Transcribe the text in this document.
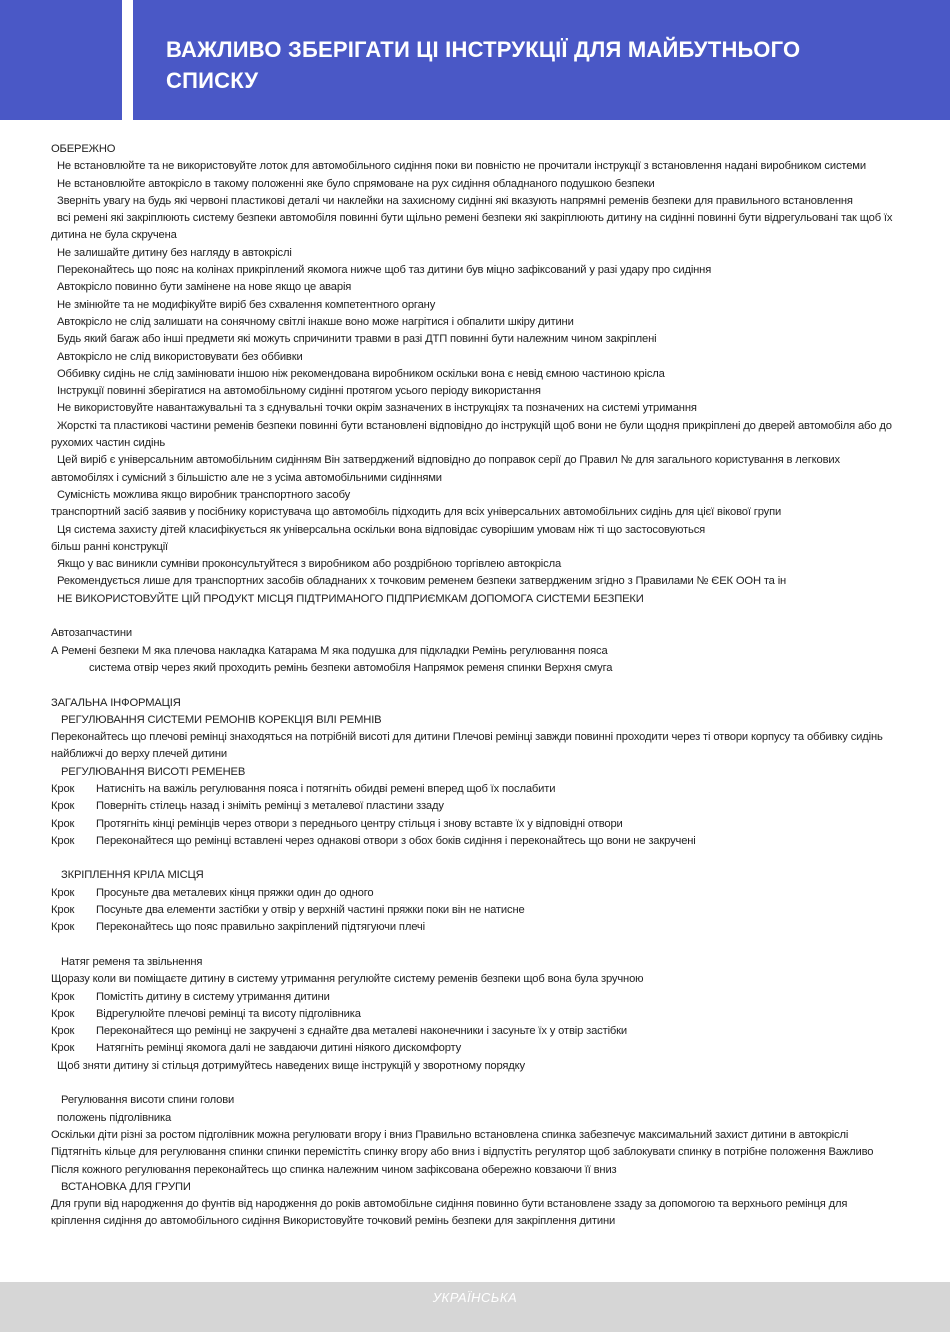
ВАЖЛИВО ЗБЕРІГАТИ ЦІ ІНСТРУКЦІЇ ДЛЯ МАЙБУТНЬОГО СПИСКУ
ОБЕРЕЖНО
Не встановлюйте та не використовуйте лоток для автомобільного сидіння поки ви повністю не прочитали інструкції з встановлення надані виробником системи
Не встановлюйте автокрісло в такому положенні яке було спрямоване на рух сидіння обладнаного подушкою безпеки
Зверніть увагу на будь які червоні пластикові деталі чи наклейки на захисному сидінні які вказують напрямні ременів безпеки для правильного встановлення
всі ремені які закріплюють систему безпеки автомобіля повинні бути щільно ремені безпеки які закріплюють дитину на сидінні повинні бути відрегульовані так щоб їх
дитина не була скручена
Не залишайте дитину без нагляду в автокріслі
Переконайтесь що пояс на колінах прикріплений якомога нижче щоб таз дитини був міцно зафіксований у разі удару про сидіння
Автокрісло повинно бути замінене на нове якщо це аварія
Не змінюйте та не модифікуйте виріб без схвалення компетентного органу
Автокрісло не слід залишати на сонячному світлі інакше воно може нагрітися і обпалити шкіру дитини
Будь який багаж або інші предмети які можуть спричинити травми в разі ДТП повинні бути належним чином закріплені
Автокрісло не слід використовувати без оббивки
Оббивку сидінь не слід замінювати іншою ніж рекомендована виробником оскільки вона є невід ємною частиною крісла
Інструкції повинні зберігатися на автомобільному сидінні протягом усього періоду використання
Не використовуйте навантажувальні та з єднувальні точки окрім зазначених в інструкціях та позначених на системі утримання
Жорсткі та пластикові частини ременів безпеки повинні бути встановлені відповідно до інструкцій щоб вони не були щодня прикріплені до дверей автомобіля або до
рухомих частин сидінь
Цей виріб є універсальним автомобільним сидінням Він затверджений відповідно до поправок серії до Правил № для загального користування в легкових
автомобілях і сумісний з більшістю але не з усіма автомобільними сидіннями
Сумісність можлива якщо виробник транспортного засобу
транспортний засіб заявив у посібнику користувача що автомобіль підходить для всіх універсальних автомобільних сидінь для цієї вікової групи
Ця система захисту дітей класифікується як універсальна оскільки вона відповідає суворішим умовам ніж ті що застосовуються
більш ранні конструкції
Якщо у вас виникли сумніви проконсультуйтеся з виробником або роздрібною торгівлею автокрісла
Рекомендується лише для транспортних засобів обладнаних х точковим ременем безпеки затвердженим згідно з Правилами № ЄЕК ООН та ін
НЕ ВИКОРИСТОВУЙТЕ ЦІЙ ПРОДУКТ МІСЦЯ ПІДТРИМАНОГО ПІДПРИЄМКАМ ДОПОМОГА СИСТЕМИ БЕЗПЕКИ
Автозапчастини
А Ремені безпеки М яка плечова накладка Катарама М яка подушка для підкладки Ремінь регулювання пояса
система отвір через який проходить ремінь безпеки автомобіля Напрямок ременя спинки Верхня смуга
ЗАГАЛЬНА ІНФОРМАЦІЯ
РЕГУЛЮВАННЯ СИСТЕМИ РЕМОНІВ КОРЕКЦІЯ ВІЛІ РЕМНІВ
Переконайтесь що плечові ремінці знаходяться на потрібній висоті для дитини Плечові ремінці завжди повинні проходити через ті отвори корпусу та оббивку сидінь найближчі до верху плечей дитини
РЕГУЛЮВАННЯ ВИСОТІ РЕМЕНЕВ
Крок	Натисніть на важіль регулювання пояса і потягніть обидві ремені вперед щоб їх послабити
Крок	Поверніть стілець назад і зніміть ремінці з металевої пластини ззаду
Крок	Протягніть кінці ремінців через отвори з переднього центру стільця і знову вставте їх у відповідні отвори
Крок	Переконайтеся що ремінці вставлені через однакові отвори з обох боків сидіння і переконайтесь що вони не закручені
ЗКРІПЛЕННЯ КРІЛА МІСЦЯ
Крок	Просуньте два металевих кінця пряжки один до одного
Крок	Посуньте два елементи застібки у отвір у верхній частині пряжки поки він не натисне
Крок	Переконайтесь що пояс правильно закріплений підтягуючи плечі
Натяг ременя та звільнення
Щоразу коли ви поміщаєте дитину в систему утримання регулюйте систему ременів безпеки щоб вона була зручною
Крок	Помістіть дитину в систему утримання дитини
Крок	Відрегулюйте плечові ремінці та висоту підголівника
Крок	Переконайтеся що ремінці не закручені з єднайте два металеві наконечники і засуньте їх у отвір застібки
Крок	Натягніть ремінці якомога далі не завдаючи дитині ніякого дискомфорту
Щоб зняти дитину зі стільця дотримуйтесь наведених вище інструкцій у зворотному порядку
Регулювання висоти спини голови
положень підголівника
Оскільки діти різні за ростом підголівник можна регулювати вгору і вниз Правильно встановлена спинка забезпечує максимальний захист дитини в автокріслі Підтягніть кільце для регулювання спинки спинки перемістіть спинку вгору або вниз і відпустіть регулятор щоб заблокувати спинку в потрібне положення Важливо Після кожного регулювання переконайтесь що спинка належним чином зафіксована обережно ковзаючи її вниз
ВСТАНОВКА ДЛЯ ГРУПИ
Для групи від народження до фунтів від народження до років автомобільне сидіння повинно бути встановлене ззаду за допомогою та верхнього ремінця для кріплення сидіння до автомобільного сидіння Використовуйте точковий ремінь безпеки для закріплення дитини
УКРАЇНСЬКА
